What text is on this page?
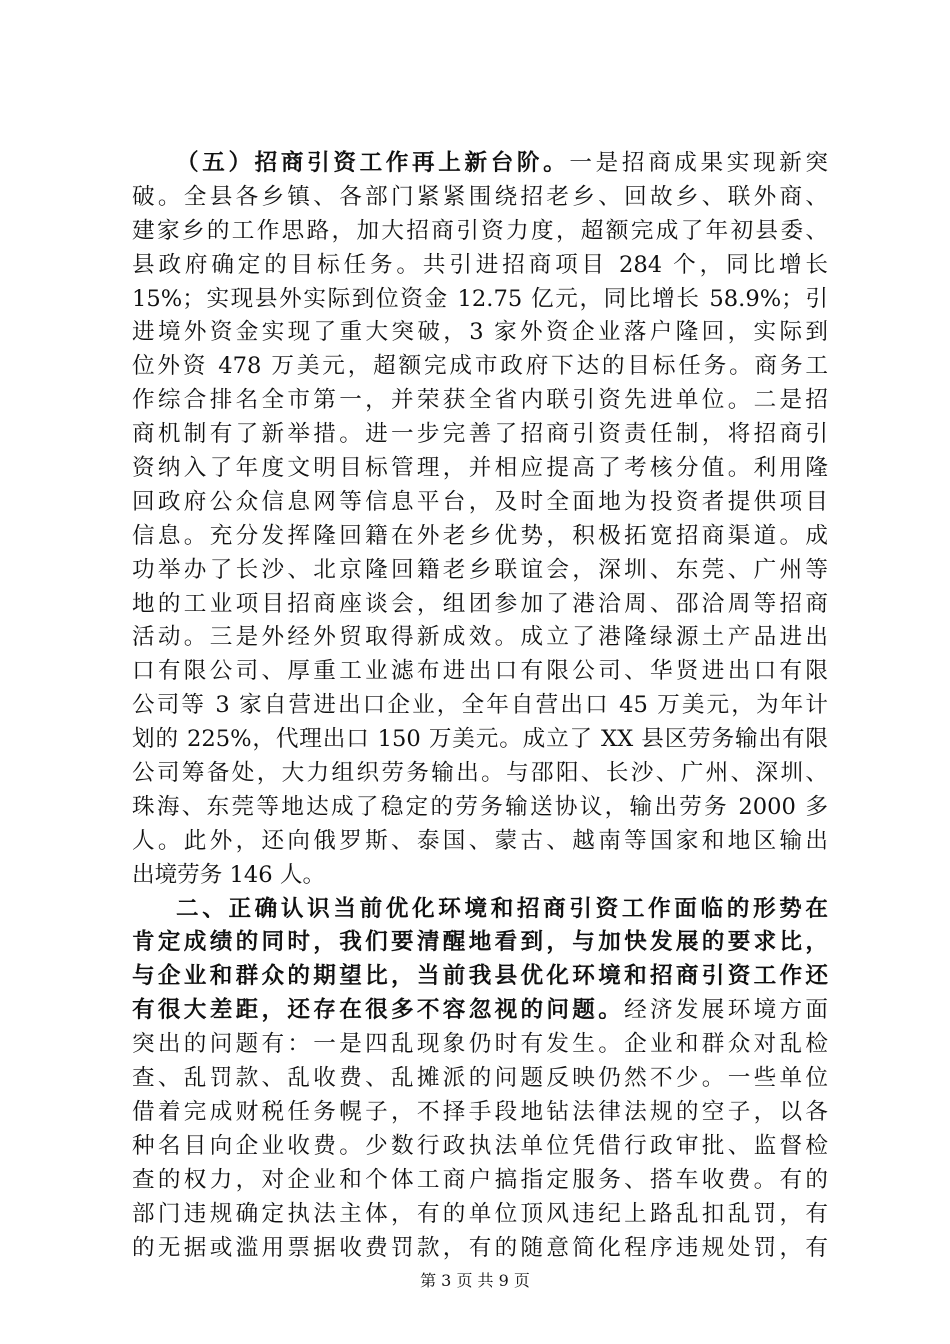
（五）招商引资工作再上新台阶。一是招商成果实现新突
破。全县各乡镇、各部门紧紧围绕招老乡、回故乡、联外商、
建家乡的工作思路，加大招商引资力度，超额完成了年初县委、
县政府确定的目标任务。共引进招商项目 284 个，同比增长
15%；实现县外实际到位资金 12.75 亿元，同比增长 58.9%；引
进境外资金实现了重大突破，3 家外资企业落户隆回，实际到
位外资 478 万美元，超额完成市政府下达的目标任务。商务工
作综合排名全市第一，并荣获全省内联引资先进单位。二是招
商机制有了新举措。进一步完善了招商引资责任制，将招商引
资纳入了年度文明目标管理，并相应提高了考核分值。利用隆
回政府公众信息网等信息平台，及时全面地为投资者提供项目
信息。充分发挥隆回籍在外老乡优势，积极拓宽招商渠道。成
功举办了长沙、北京隆回籍老乡联谊会，深圳、东莞、广州等
地的工业项目招商座谈会，组团参加了港洽周、邵洽周等招商
活动。三是外经外贸取得新成效。成立了港隆绿源土产品进出
口有限公司、厚重工业滤布进出口有限公司、华贤进出口有限
公司等 3 家自营进出口企业，全年自营出口 45 万美元，为年计
划的 225%，代理出口 150 万美元。成立了 XX 县区劳务输出有限
公司筹备处，大力组织劳务输出。与邵阳、长沙、广州、深圳、
珠海、东莞等地达成了稳定的劳务输送协议，输出劳务 2000 多
人。此外，还向俄罗斯、泰国、蒙古、越南等国家和地区输出
出境劳务 146 人。
二、正确认识当前优化环境和招商引资工作面临的形势在
肯定成绩的同时，我们要清醒地看到，与加快发展的要求比，
与企业和群众的期望比，当前我县优化环境和招商引资工作还
有很大差距，还存在很多不容忽视的问题。经济发展环境方面
突出的问题有：一是四乱现象仍时有发生。企业和群众对乱检
查、乱罚款、乱收费、乱摊派的问题反映仍然不少。一些单位
借着完成财税任务幌子，不择手段地钻法律法规的空子，以各
种名目向企业收费。少数行政执法单位凭借行政审批、监督检
查的权力，对企业和个体工商户搞指定服务、搭车收费。有的
部门违规确定执法主体，有的单位顶风违纪上路乱扣乱罚，有
的无据或滥用票据收费罚款，有的随意简化程序违规处罚，有
第 3 页 共 9 页
